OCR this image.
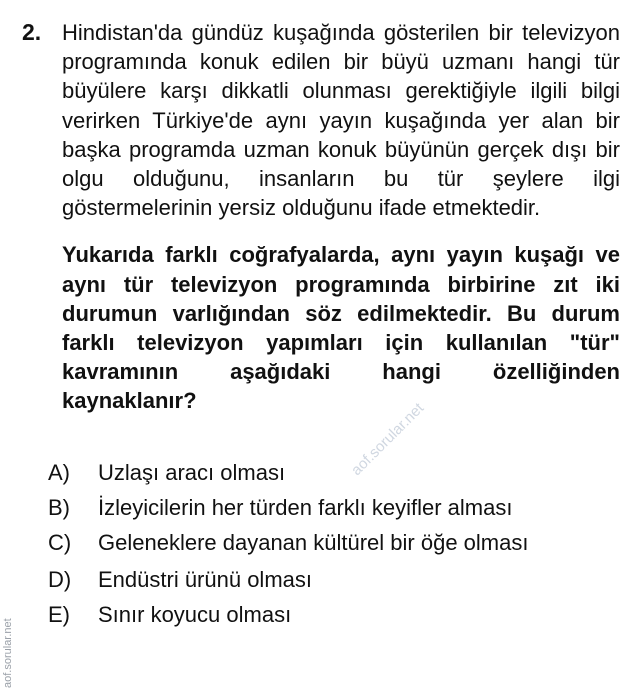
2. Hindistan'da gündüz kuşağında gösterilen bir televizyon programında konuk edilen bir büyü uzmanı hangi tür büyülere karşı dikkatli olunması gerektiğiyle ilgili bilgi verirken Türkiye'de aynı yayın kuşağında yer alan bir başka programda uzman konuk büyünün gerçek dışı bir olgu olduğunu, insanların bu tür şeylere ilgi göstermelerinin yersiz olduğunu ifade etmektedir.

Yukarıda farklı coğrafyalarda, aynı yayın kuşağı ve aynı tür televizyon programında birbirine zıt iki durumun varlığından söz edilmektedir. Bu durum farklı televizyon yapımları için kullanılan "tür" kavramının aşağıdaki hangi özelliğinden kaynaklanır?

A)	Uzlaşı aracı olması
B)	İzleyicilerin her türden farklı keyifler alması
C)	Geleneklere dayanan kültürel bir öğe olması
D)	Endüstri ürünü olması
E)	Sınır koyucu olması
aof.sorular.net
aof.sorular.net
